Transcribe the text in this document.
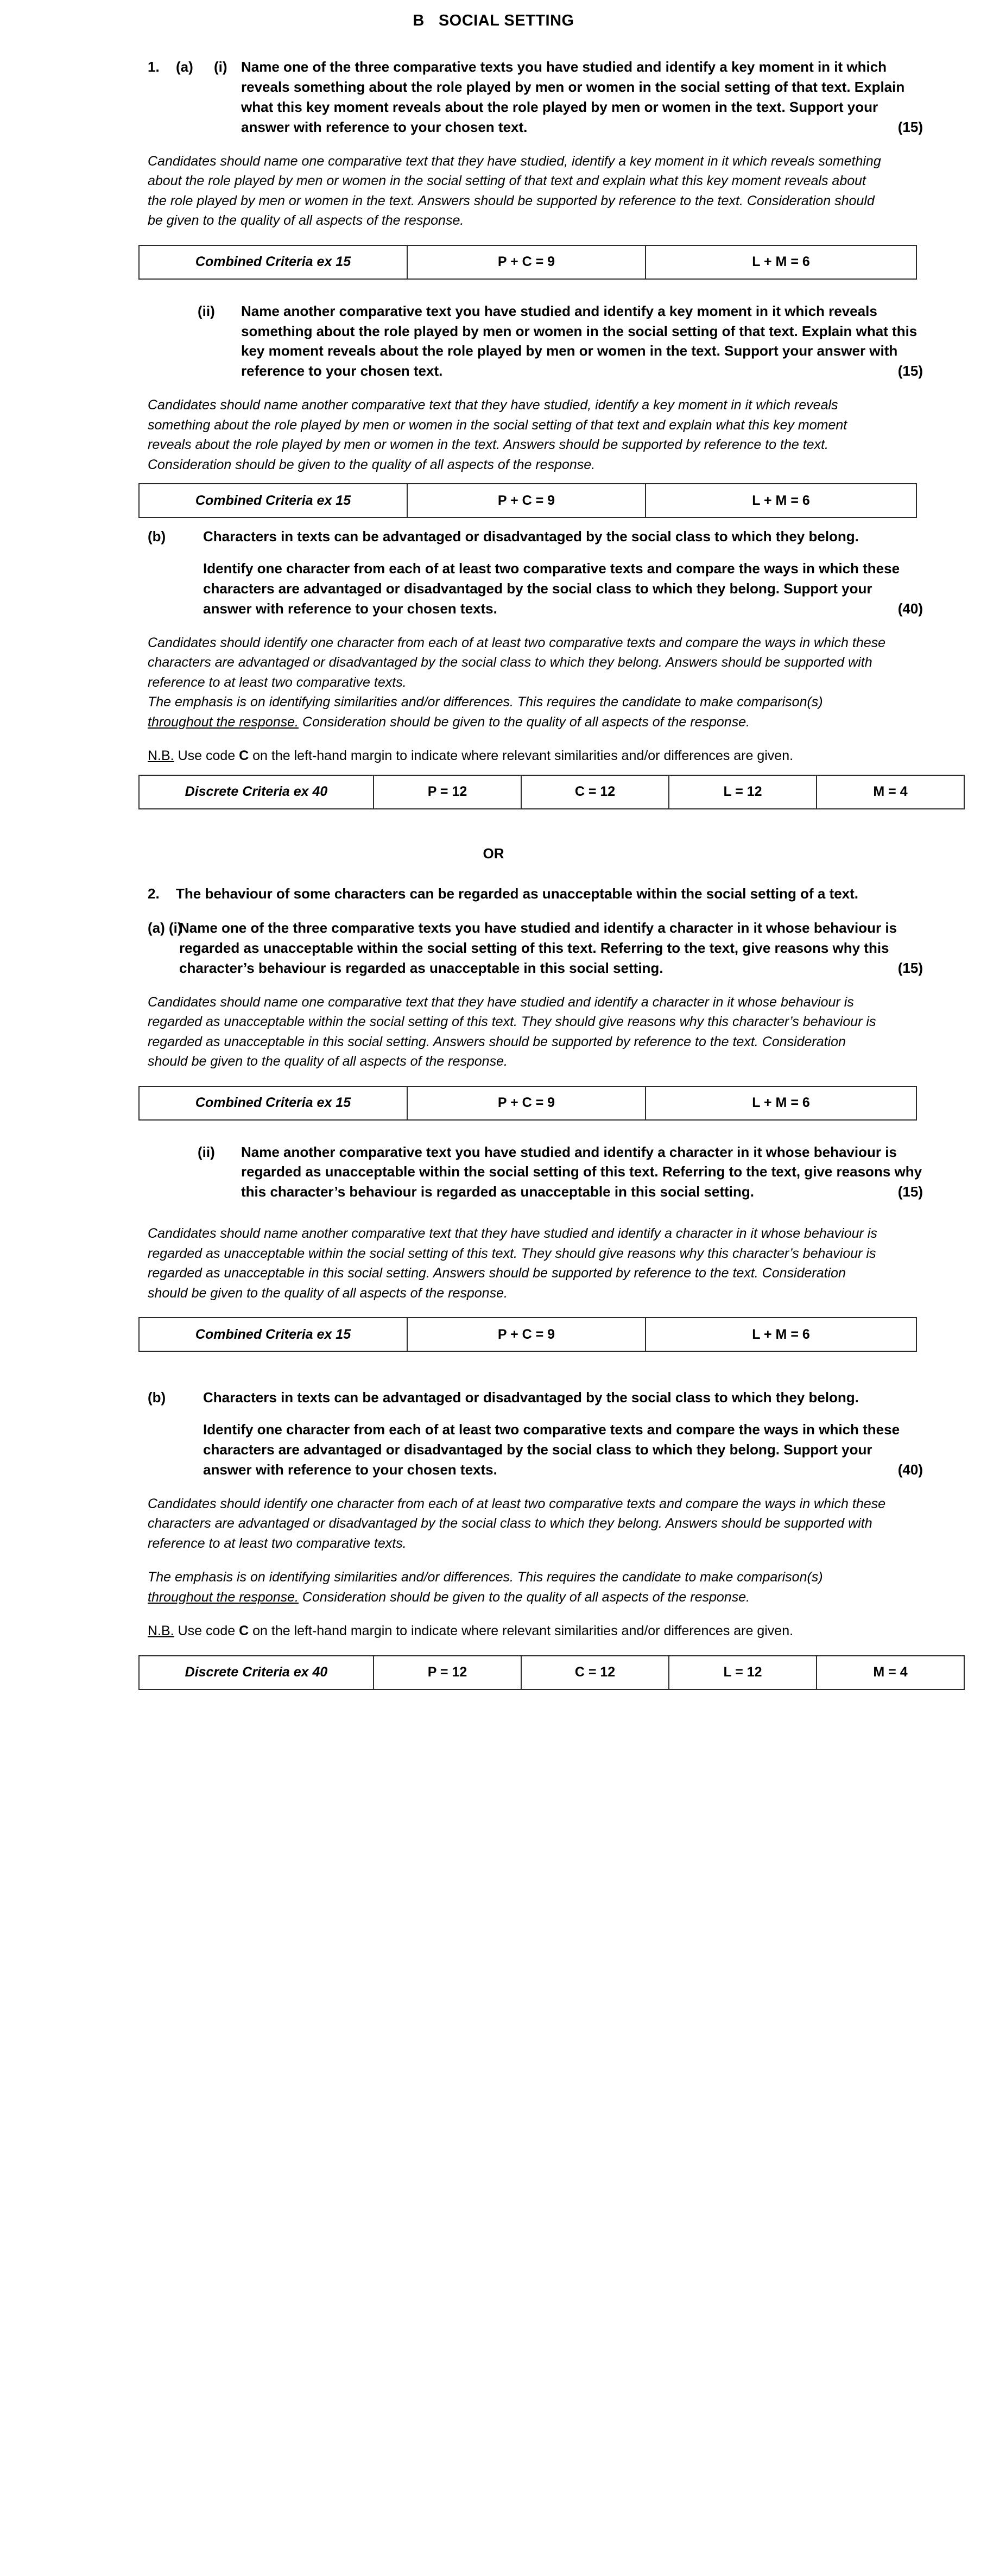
B SOCIAL SETTING
1.	(a)	(i) Name one of the three comparative texts you have studied and identify a key moment in it which reveals something about the role played by men or women in the social setting of that text. Explain what this key moment reveals about the role played by men or women in the text. Support your answer with reference to your chosen text.	(15)

Candidates should name one comparative text that they have studied, identify a key moment in it which reveals something about the role played by men or women in the social setting of that text and explain what this key moment reveals about the role played by men or women in the text. Answers should be supported by reference to the text. Consideration should be given to the quality of all aspects of the response.

Combined Criteria ex 15	P + C = 9	L + M = 6
(ii)	Name another comparative text you have studied and identify a key moment in it which reveals something about the role played by men or women in the social setting of that text. Explain what this key moment reveals about the role played by men or women in the text. Support your answer with reference to your chosen text.	(15)

Candidates should name another comparative text that they have studied, identify a key moment in it which reveals something about the role played by men or women in the social setting of that text and explain what this key moment reveals about the role played by men or women in the text. Answers should be supported by reference to the text. Consideration should be given to the quality of all aspects of the response.

Combined Criteria ex 15	P + C = 9	L + M = 6
(b)	Characters in texts can be advantaged or disadvantaged by the social class to which they belong.

Identify one character from each of at least two comparative texts and compare the ways in which these characters are advantaged or disadvantaged by the social class to which they belong. Support your answer with reference to your chosen texts.	(40)

Candidates should identify one character from each of at least two comparative texts and compare the ways in which these characters are advantaged or disadvantaged by the social class to which they belong. Answers should be supported with reference to at least two comparative texts.

The emphasis is on identifying similarities and/or differences. This requires the candidate to make comparison(s) throughout the response. Consideration should be given to the quality of all aspects of the response.

N.B. Use code C on the left-hand margin to indicate where relevant similarities and/or differences are given.
Discrete Criteria ex 40	P = 12	C = 12	L = 12	M = 4
OR
2.	The behaviour of some characters can be regarded as unacceptable within the social setting of a text.

(a) (i)
Name one of the three comparative texts you have studied and identify a character in it whose behaviour is regarded as unacceptable within the social setting of this text. Referring to the text, give reasons why this character’s behaviour is regarded as unacceptable in this social setting.	(15)

Candidates should name one comparative text that they have studied and identify a character in it whose behaviour is regarded as unacceptable within the social setting of this text. They should give reasons why this character’s behaviour is regarded as unacceptable in this social setting. Answers should be supported by reference to the text. Consideration should be given to the quality of all aspects of the response.

Combined Criteria ex 15	P + C = 9	L + M = 6
(ii)	Name another comparative text you have studied and identify a character in it whose behaviour is regarded as unacceptable within the social setting of this text. Referring to the text, give reasons why this character’s behaviour is regarded as unacceptable in this social setting.	(15)

Candidates should name another comparative text that they have studied and identify a character in it whose behaviour is regarded as unacceptable within the social setting of this text. They should give reasons why this character’s behaviour is regarded as unacceptable in this social setting. Answers should be supported by reference to the text. Consideration should be given to the quality of all aspects of the response.

Combined Criteria ex 15	P + C = 9	L + M = 6
(b)	Characters in texts can be advantaged or disadvantaged by the social class to which they belong.

Identify one character from each of at least two comparative texts and compare the ways in which these characters are advantaged or disadvantaged by the social class to which they belong. Support your answer with reference to your chosen texts.	(40)

Candidates should identify one character from each of at least two comparative texts and compare the ways in which these characters are advantaged or disadvantaged by the social class to which they belong. Answers should be supported with reference to at least two comparative texts.

The emphasis is on identifying similarities and/or differences. This requires the candidate to make comparison(s) throughout the response. Consideration should be given to the quality of all aspects of the response.

N.B. Use code C on the left-hand margin to indicate where relevant similarities and/or differences are given.
Discrete Criteria ex 40	P = 12	C = 12	L = 12	M = 4
